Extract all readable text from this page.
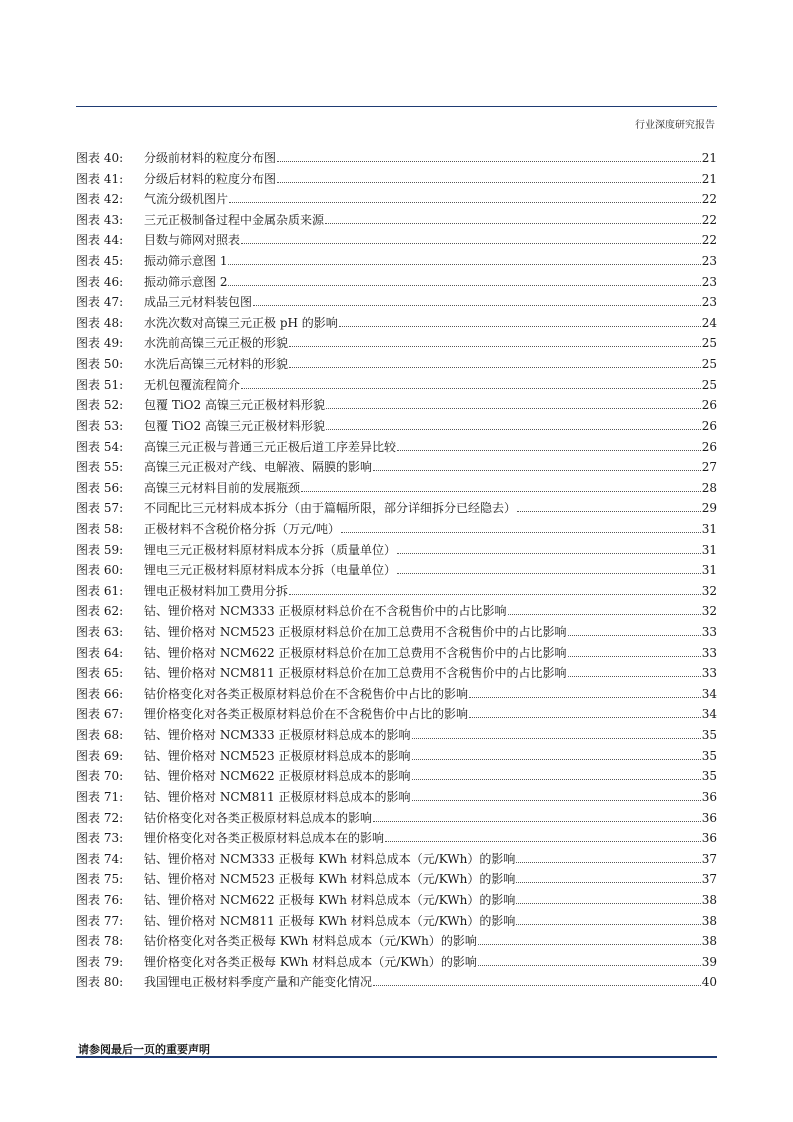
行业深度研究报告
图表 40:	分级前材料的粒度分布图	21
图表 41:	分级后材料的粒度分布图	21
图表 42:	气流分级机图片	22
图表 43:	三元正极制备过程中金属杂质来源	22
图表 44:	目数与筛网对照表	22
图表 45:	振动筛示意图 1	23
图表 46:	振动筛示意图 2	23
图表 47:	成品三元材料装包图	23
图表 48:	水洗次数对高镍三元正极 pH 的影响	24
图表 49:	水洗前高镍三元正极的形貌	25
图表 50:	水洗后高镍三元材料的形貌	25
图表 51:	无机包覆流程简介	25
图表 52:	包覆 TiO2 高镍三元正极材料形貌	26
图表 53:	包覆 TiO2 高镍三元正极材料形貌	26
图表 54:	高镍三元正极与普通三元正极后道工序差异比较	26
图表 55:	高镍三元正极对产线、电解液、隔膜的影响	27
图表 56:	高镍三元材料目前的发展瓶颈	28
图表 57:	不同配比三元材料成本拆分（由于篇幅所限，部分详细拆分已经隐去）	29
图表 58:	正极材料不含税价格分拆（万元/吨）	31
图表 59:	锂电三元正极材料原材料成本分拆（质量单位）	31
图表 60:	锂电三元正极材料原材料成本分拆（电量单位）	31
图表 61:	锂电正极材料加工费用分拆	32
图表 62:	钴、锂价格对 NCM333 正极原材料总价在不含税售价中的占比影响	32
图表 63:	钴、锂价格对 NCM523 正极原材料总价在加工总费用不含税售价中的占比影响	33
图表 64:	钴、锂价格对 NCM622 正极原材料总价在加工总费用不含税售价中的占比影响	33
图表 65:	钴、锂价格对 NCM811 正极原材料总价在加工总费用不含税售价中的占比影响	33
图表 66:	钴价格变化对各类正极原材料总价在不含税售价中占比的影响	34
图表 67:	锂价格变化对各类正极原材料总价在不含税售价中占比的影响	34
图表 68:	钴、锂价格对 NCM333 正极原材料总成本的影响	35
图表 69:	钴、锂价格对 NCM523 正极原材料总成本的影响	35
图表 70:	钴、锂价格对 NCM622 正极原材料总成本的影响	35
图表 71:	钴、锂价格对 NCM811 正极原材料总成本的影响	36
图表 72:	钴价格变化对各类正极原材料总成本的影响	36
图表 73:	锂价格变化对各类正极原材料总成本在的影响	36
图表 74:	钴、锂价格对 NCM333 正极每 KWh 材料总成本（元/KWh）的影响	37
图表 75:	钴、锂价格对 NCM523 正极每 KWh 材料总成本（元/KWh）的影响	37
图表 76:	钴、锂价格对 NCM622 正极每 KWh 材料总成本（元/KWh）的影响	38
图表 77:	钴、锂价格对 NCM811 正极每 KWh 材料总成本（元/KWh）的影响	38
图表 78:	钴价格变化对各类正极每 KWh 材料总成本（元/KWh）的影响	38
图表 79:	锂价格变化对各类正极每 KWh 材料总成本（元/KWh）的影响	39
图表 80:	我国锂电正极材料季度产量和产能变化情况	40
请参阅最后一页的重要声明
